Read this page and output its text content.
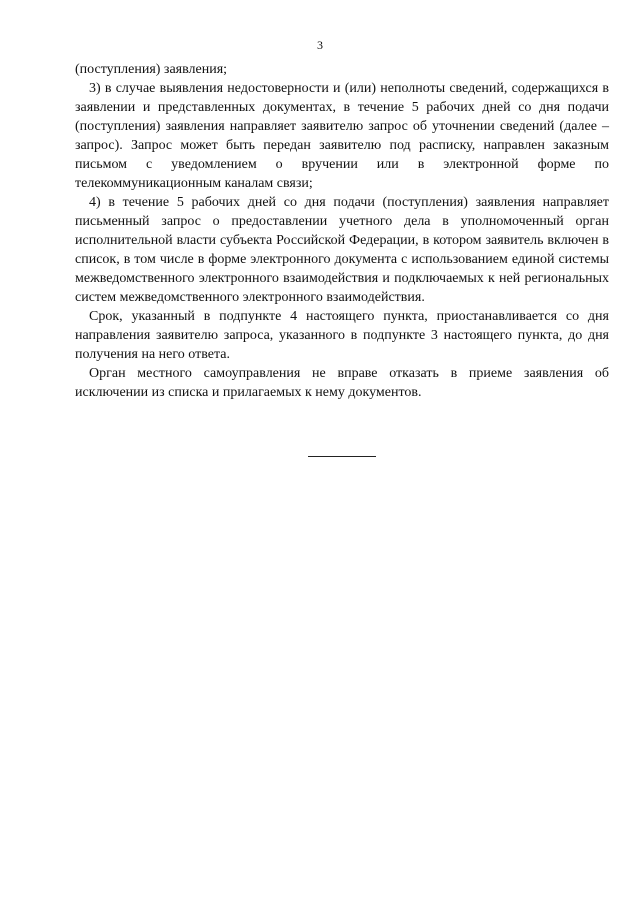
3

(поступления) заявления;

3) в случае выявления недостоверности и (или) неполноты сведений, содержащихся в заявлении и представленных документах, в течение 5 рабочих дней со дня подачи (поступления) заявления направляет заявителю запрос об уточнении сведений (далее – запрос). Запрос может быть передан заявителю под расписку, направлен заказным письмом с уведомлением о вручении или в электронной форме по телекоммуникационным каналам связи;

4) в течение 5 рабочих дней со дня подачи (поступления) заявления направляет письменный запрос о предоставлении учетного дела в уполномоченный орган исполнительной власти субъекта Российской Федерации, в котором заявитель включен в список, в том числе в форме электронного документа с использованием единой системы межведомственного электронного взаимодействия и подключаемых к ней региональных систем межведомственного электронного взаимодействия.

Срок, указанный в подпункте 4 настоящего пункта, приостанавливается со дня направления заявителю запроса, указанного в подпункте 3 настоящего пункта, до дня получения на него ответа.

Орган местного самоуправления не вправе отказать в приеме заявления об исключении из списка и прилагаемых к нему документов.
